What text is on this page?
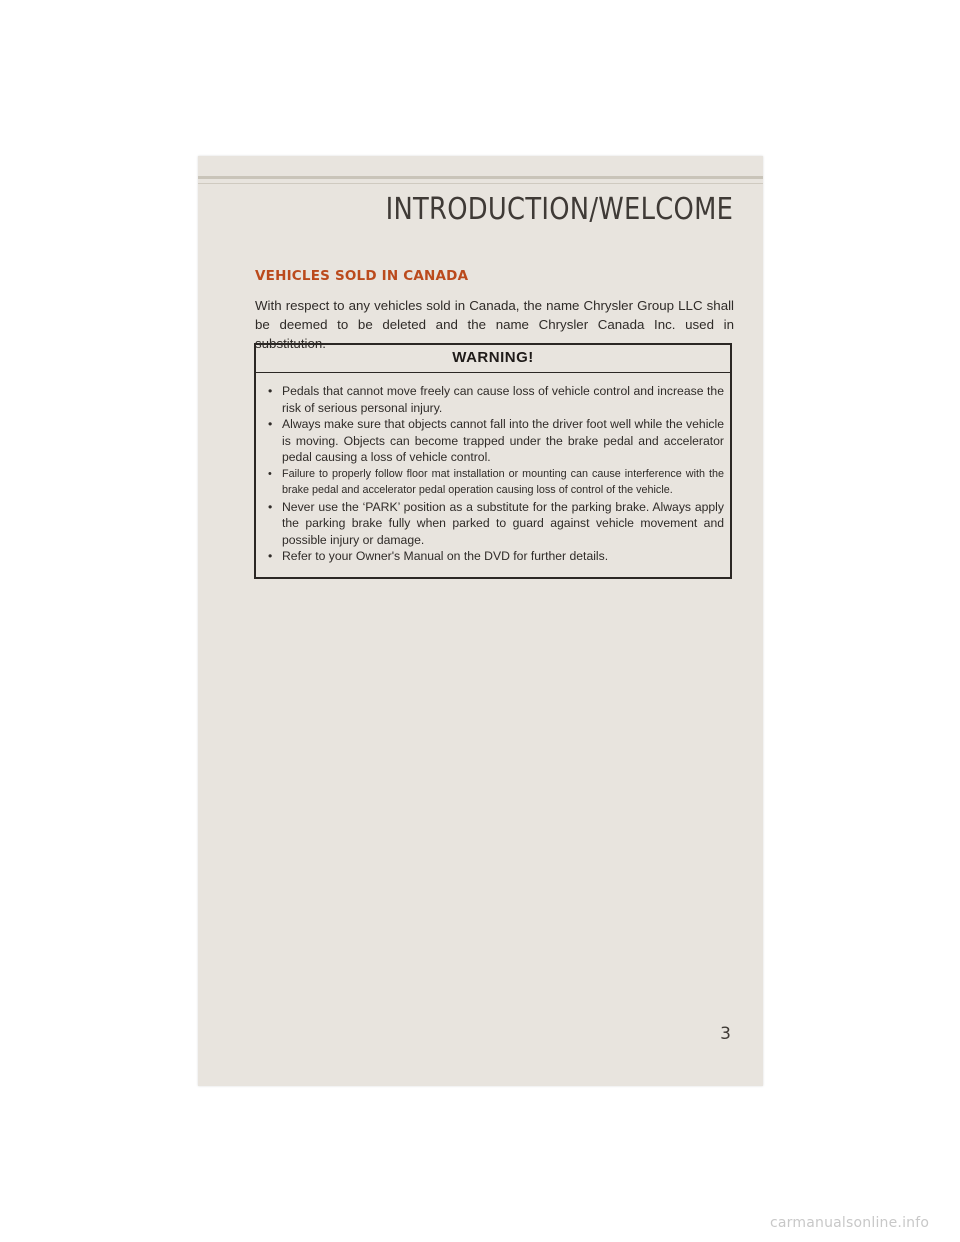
INTRODUCTION/WELCOME
VEHICLES SOLD IN CANADA

With respect to any vehicles sold in Canada, the name Chrysler Group LLC shall be deemed to be deleted and the name Chrysler Canada Inc. used in substitution.

WARNING!
• Pedals that cannot move freely can cause loss of vehicle control and increase the risk of serious personal injury.
• Always make sure that objects cannot fall into the driver foot well while the vehicle is moving. Objects can become trapped under the brake pedal and accelerator pedal causing a loss of vehicle control.
• Failure to properly follow floor mat installation or mounting can cause interference with the brake pedal and accelerator pedal operation causing loss of control of the vehicle.
• Never use the ‘PARK’ position as a substitute for the parking brake. Always apply the parking brake fully when parked to guard against vehicle movement and possible injury or damage.
• Refer to your Owner's Manual on the DVD for further details.
3
carmanualsonline.info
